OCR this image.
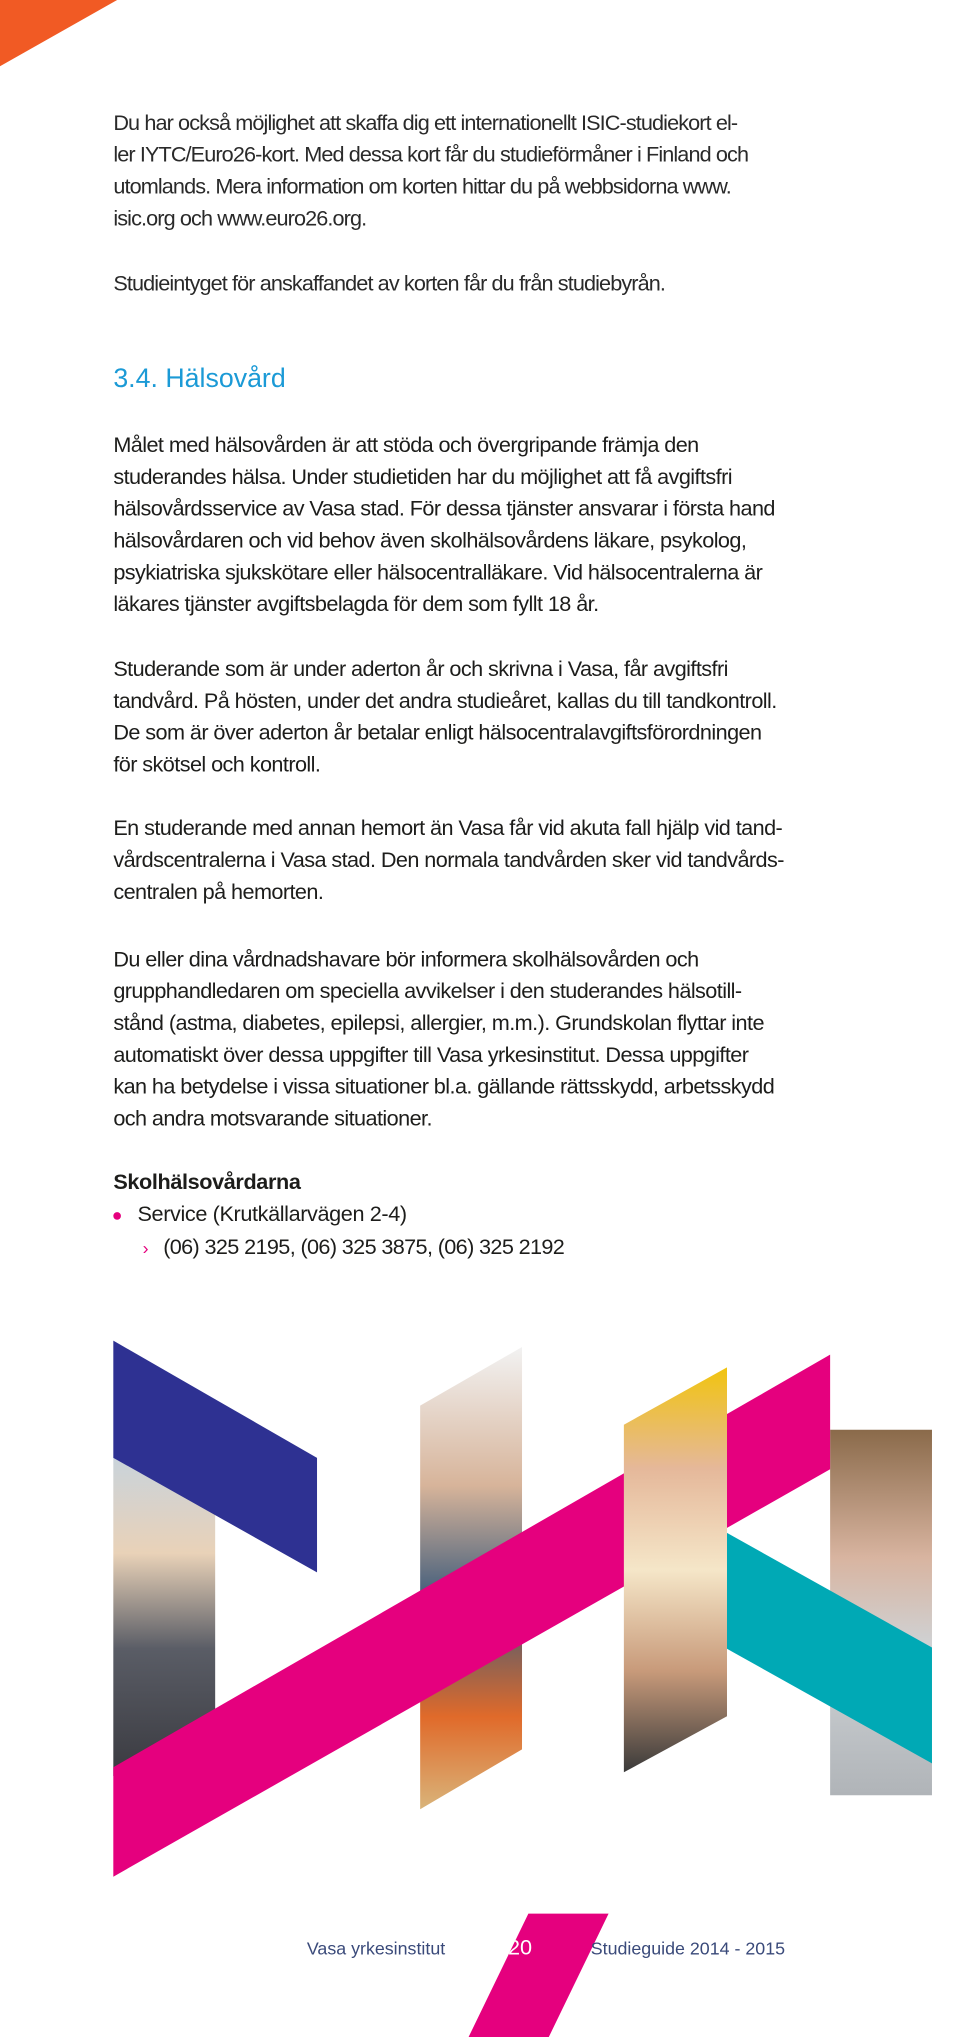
Du har också möjlighet att skaffa dig ett internationellt ISIC-studiekort el-
ler IYTC/Euro26-kort. Med dessa kort får du studieförmåner i Finland och
utomlands. Mera information om korten hittar du på webbsidorna www.
isic.org och www.euro26.org.
Studieintyget för anskaffandet av korten får du från studiebyrån.
3.4. Hälsovård
Målet med hälsovården är att stöda och övergripande främja den
studerandes hälsa. Under studietiden har du möjlighet att få avgiftsfri
hälsovårdsservice av Vasa stad. För dessa tjänster ansvarar i första hand
hälsovårdaren och vid behov även skolhälsovårdens läkare, psykolog,
psykiatriska sjukskötare eller hälsocentralläkare. Vid hälsocentralerna är
läkares tjänster avgiftsbelagda för dem som fyllt 18 år.
Studerande som är under aderton år och skrivna i Vasa, får avgiftsfri
tandvård. På hösten, under det andra studieåret, kallas du till tandkontroll.
De som är över aderton år betalar enligt hälsocentralavgiftsförordningen
för skötsel och kontroll.
En studerande med annan hemort än Vasa får vid akuta fall hjälp vid tand-
vårdscentralerna i Vasa stad. Den normala tandvården sker vid tandvårds-
centralen på hemorten.
Du eller dina vårdnadshavare bör informera skolhälsovården och
grupphandledaren om speciella avvikelser i den studerandes hälsotill-
stånd (astma, diabetes, epilepsi, allergier, m.m.). Grundskolan flyttar inte
automatiskt över dessa uppgifter till Vasa yrkesinstitut. Dessa uppgifter
kan ha betydelse i vissa situationer bl.a. gällande rättsskydd, arbetsskydd
och andra motsvarande situationer.
Skolhälsovårdarna
Service (Krutkällarvägen 2-4)
› (06) 325 2195, (06) 325 3875, (06) 325 2192
Vasa yrkesinstitut	20	Studieguide 2014 - 2015
